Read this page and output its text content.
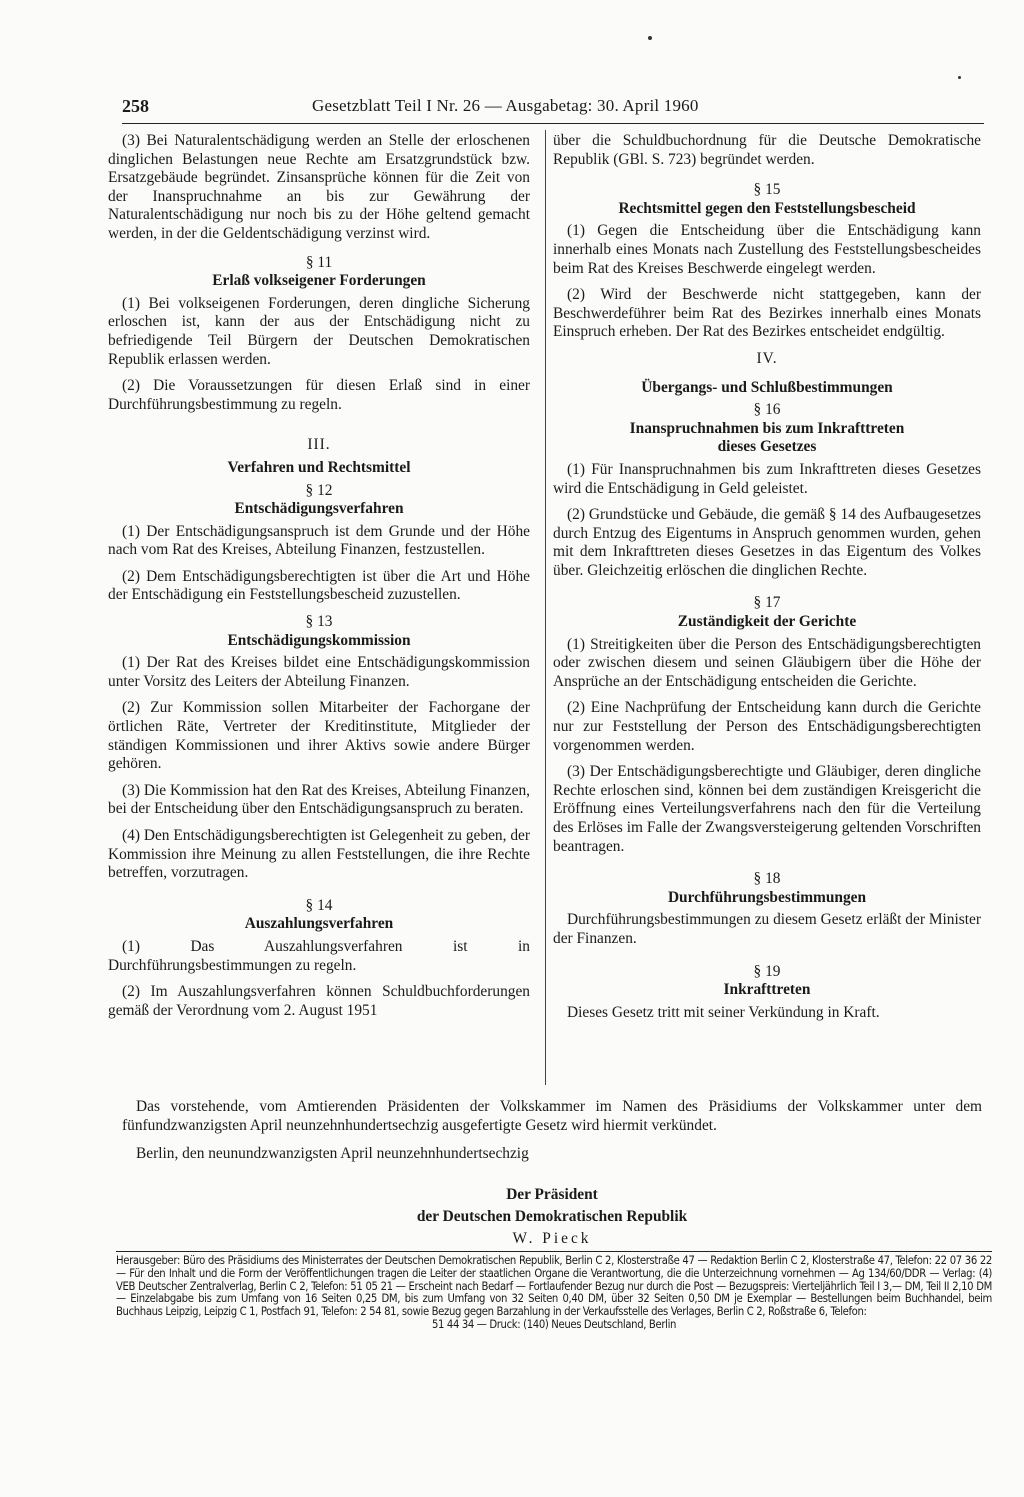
258	Gesetzblatt Teil I Nr. 26 — Ausgabetag: 30. April 1960

(3) Bei Naturalentschädigung werden an Stelle der erloschenen dinglichen Belastungen neue Rechte am Ersatzgrundstück bzw. Ersatzgebäude begründet. Zinsansprüche können für die Zeit von der Inanspruchnahme an bis zur Gewährung der Naturalentschädigung nur noch bis zu der Höhe geltend gemacht werden, in der die Geldentschädigung verzinst wird.

§ 11

Erlaß volkseigener Forderungen

(1) Bei volkseigenen Forderungen, deren dingliche Sicherung erloschen ist, kann der aus der Entschädigung nicht zu befriedigende Teil Bürgern der Deutschen Demokratischen Republik erlassen werden.

(2) Die Voraussetzungen für diesen Erlaß sind in einer Durchführungsbestimmung zu regeln.

III.

Verfahren und Rechtsmittel

§ 12

Entschädigungsverfahren

(1) Der Entschädigungsanspruch ist dem Grunde und der Höhe nach vom Rat des Kreises, Abteilung Finanzen, festzustellen.

(2) Dem Entschädigungsberechtigten ist über die Art und Höhe der Entschädigung ein Feststellungsbescheid zuzustellen.

§ 13

Entschädigungskommission

(1) Der Rat des Kreises bildet eine Entschädigungskommission unter Vorsitz des Leiters der Abteilung Finanzen.

(2) Zur Kommission sollen Mitarbeiter der Fachorgane der örtlichen Räte, Vertreter der Kreditinstitute, Mitglieder der ständigen Kommissionen und ihrer Aktivs sowie andere Bürger gehören.

(3) Die Kommission hat den Rat des Kreises, Abteilung Finanzen, bei der Entscheidung über den Entschädigungsanspruch zu beraten.

(4) Den Entschädigungsberechtigten ist Gelegenheit zu geben, der Kommission ihre Meinung zu allen Feststellungen, die ihre Rechte betreffen, vorzutragen.

§ 14

Auszahlungsverfahren

(1) Das Auszahlungsverfahren ist in Durchführungsbestimmungen zu regeln.

(2) Im Auszahlungsverfahren können Schuldbuchforderungen gemäß der Verordnung vom 2. August 1951

über die Schuldbuchordnung für die Deutsche Demokratische Republik (GBl. S. 723) begründet werden.

§ 15

Rechtsmittel gegen den Feststellungsbescheid

(1) Gegen die Entscheidung über die Entschädigung kann innerhalb eines Monats nach Zustellung des Feststellungsbescheides beim Rat des Kreises Beschwerde eingelegt werden.

(2) Wird der Beschwerde nicht stattgegeben, kann der Beschwerdeführer beim Rat des Bezirkes innerhalb eines Monats Einspruch erheben. Der Rat des Bezirkes entscheidet endgültig.

IV.

Übergangs- und Schlußbestimmungen

§ 16

Inanspruchnahmen bis zum Inkrafttreten

dieses Gesetzes

(1) Für Inanspruchnahmen bis zum Inkrafttreten dieses Gesetzes wird die Entschädigung in Geld geleistet.

(2) Grundstücke und Gebäude, die gemäß § 14 des Aufbaugesetzes durch Entzug des Eigentums in Anspruch genommen wurden, gehen mit dem Inkrafttreten dieses Gesetzes in das Eigentum des Volkes über. Gleichzeitig erlöschen die dinglichen Rechte.

§ 17

Zuständigkeit der Gerichte

(1) Streitigkeiten über die Person des Entschädigungsberechtigten oder zwischen diesem und seinen Gläubigern über die Höhe der Ansprüche an der Entschädigung entscheiden die Gerichte.

(2) Eine Nachprüfung der Entscheidung kann durch die Gerichte nur zur Feststellung der Person des Entschädigungsberechtigten vorgenommen werden.

(3) Der Entschädigungsberechtigte und Gläubiger, deren dingliche Rechte erloschen sind, können bei dem zuständigen Kreisgericht die Eröffnung eines Verteilungsverfahrens nach den für die Verteilung des Erlöses im Falle der Zwangsversteigerung geltenden Vorschriften beantragen.

§ 18

Durchführungsbestimmungen

Durchführungsbestimmungen zu diesem Gesetz erläßt der Minister der Finanzen.

§ 19

Inkrafttreten

Dieses Gesetz tritt mit seiner Verkündung in Kraft.

Das vorstehende, vom Amtierenden Präsidenten der Volkskammer im Namen des Präsidiums der Volkskammer unter dem fünfundzwanzigsten April neunzehnhundertsechzig ausgefertigte Gesetz wird hiermit verkündet.

Berlin, den neunundzwanzigsten April neunzehnhundertsechzig

Der Präsident
der Deutschen Demokratischen Republik
W. Pieck
Herausgeber: Büro des Präsidiums des Ministerrates der Deutschen Demokratischen Republik, Berlin C 2, Klosterstraße 47 — Redaktion Berlin C 2, Klosterstraße 47, Telefon: 22 07 36 22 — Für den Inhalt und die Form der Veröffentlichungen tragen die Leiter der staatlichen Organe die Verantwortung, die die Unterzeichnung vornehmen — Ag 134/60/DDR — Verlag: (4) VEB Deutscher Zentralverlag, Berlin C 2, Telefon: 51 05 21 — Erscheint nach Bedarf — Fortlaufender Bezug nur durch die Post — Bezugspreis: Vierteljährlich Teil I 3,— DM, Teil II 2,10 DM — Einzelabgabe bis zum Umfang von 16 Seiten 0,25 DM, bis zum Umfang von 32 Seiten 0,40 DM, über 32 Seiten 0,50 DM je Exemplar — Bestellungen beim Buchhandel, beim Buchhaus Leipzig, Leipzig C 1, Postfach 91, Telefon: 2 54 81, sowie Bezug gegen Barzahlung in der Verkaufsstelle des Verlages, Berlin C 2, Roßstraße 6, Telefon:
51 44 34 — Druck: (140) Neues Deutschland, Berlin
